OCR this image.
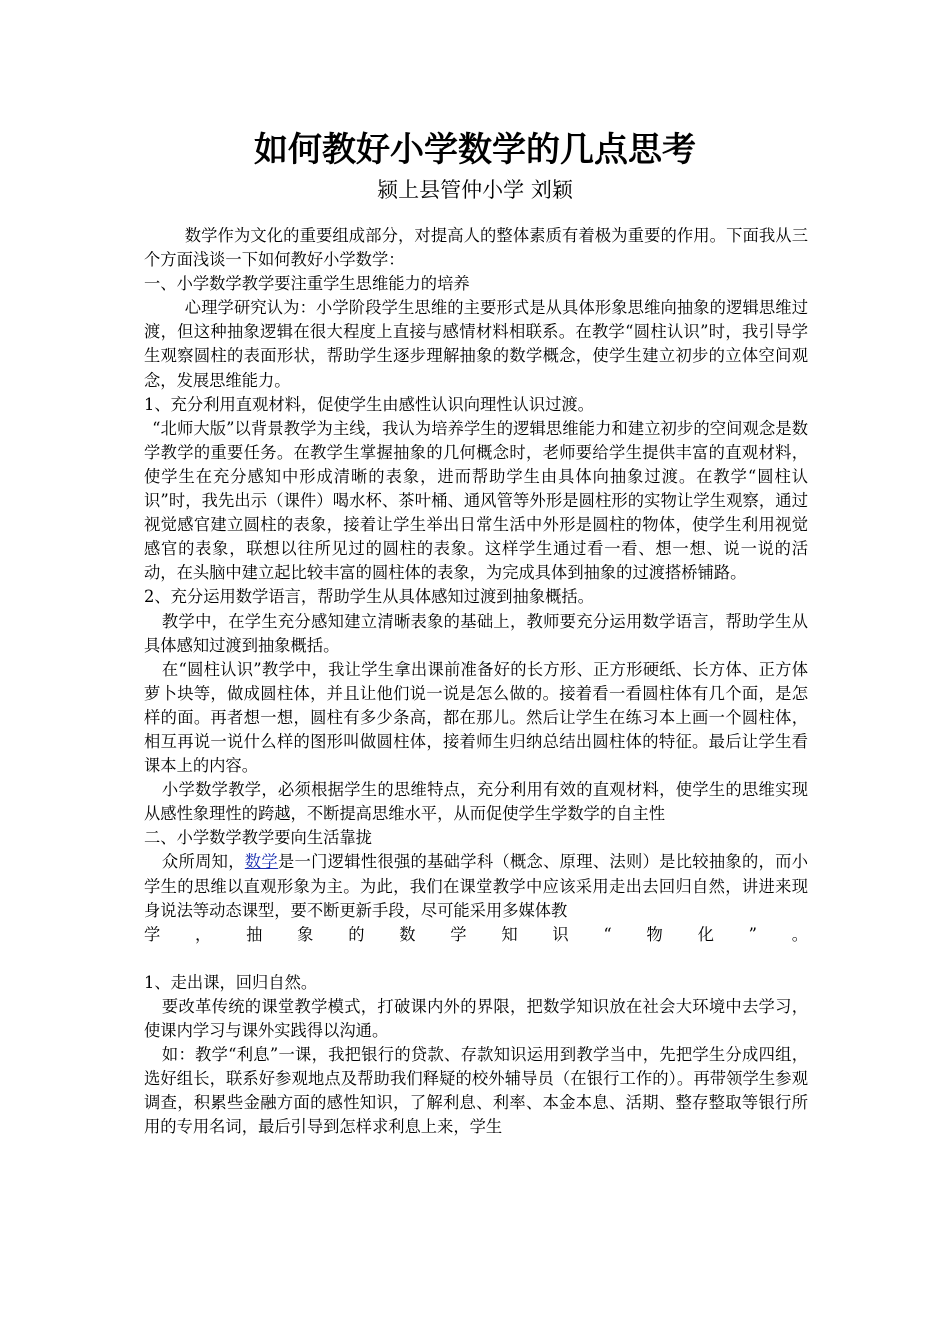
如何教好小学数学的几点思考
颍上县管仲小学 刘颖

数学作为文化的重要组成部分，对提高人的整体素质有着极为重要的作用。下面我从三个方面浅谈一下如何教好小学数学：

一、小学数学教学要注重学生思维能力的培养

心理学研究认为：小学阶段学生思维的主要形式是从具体形象思维向抽象的逻辑思维过渡，但这种抽象逻辑在很大程度上直接与感情材料相联系。在教学“圆柱认识”时，我引导学生观察圆柱的表面形状，帮助学生逐步理解抽象的数学概念，使学生建立初步的立体空间观念，发展思维能力。

1、充分利用直观材料，促使学生由感性认识向理性认识过渡。

“北师大版”以背景教学为主线，我认为培养学生的逻辑思维能力和建立初步的空间观念是数学教学的重要任务。在教学生掌握抽象的几何概念时，老师要给学生提供丰富的直观材料，使学生在充分感知中形成清晰的表象，进而帮助学生由具体向抽象过渡。在教学“圆柱认识”时，我先出示（课件）喝水杯、茶叶桶、通风管等外形是圆柱形的实物让学生观察，通过视觉感官建立圆柱的表象，接着让学生举出日常生活中外形是圆柱的物体，使学生利用视觉感官的表象，联想以往所见过的圆柱的表象。这样学生通过看一看、想一想、说一说的活动，在头脑中建立起比较丰富的圆柱体的表象，为完成具体到抽象的过渡搭桥铺路。

2、充分运用数学语言，帮助学生从具体感知过渡到抽象概括。

教学中，在学生充分感知建立清晰表象的基础上，教师要充分运用数学语言，帮助学生从具体感知过渡到抽象概括。

在“圆柱认识”教学中，我让学生拿出课前准备好的长方形、正方形硬纸、长方体、正方体萝卜块等，做成圆柱体，并且让他们说一说是怎么做的。接着看一看圆柱体有几个面，是怎样的面。再者想一想，圆柱有多少条高，都在那儿。然后让学生在练习本上画一个圆柱体，相互再说一说什么样的图形叫做圆柱体，接着师生归纳总结出圆柱体的特征。最后让学生看课本上的内容。

小学数学教学，必须根据学生的思维特点，充分利用有效的直观材料，使学生的思维实现从感性象理性的跨越，不断提高思维水平，从而促使学生学数学的自主性

二、小学数学教学要向生活靠拢

众所周知，数学是一门逻辑性很强的基础学科（概念、原理、法则）是比较抽象的，而小学生的思维以直观形象为主。为此，我们在课堂教学中应该采用走出去回归自然，讲进来现身说法等动态课型，要不断更新手段，尽可能采用多媒体教

学，抽象的数学知识“物化”。

1、走出课，回归自然。

要改革传统的课堂教学模式，打破课内外的界限，把数学知识放在社会大环境中去学习，使课内学习与课外实践得以沟通。

如：教学“利息”一课，我把银行的贷款、存款知识运用到教学当中，先把学生分成四组，选好组长，联系好参观地点及帮助我们释疑的校外辅导员（在银行工作的）。再带领学生参观调查，积累些金融方面的感性知识，了解利息、利率、本金本息、活期、整存整取等银行所用的专用名词，最后引导到怎样求利息上来，学生
